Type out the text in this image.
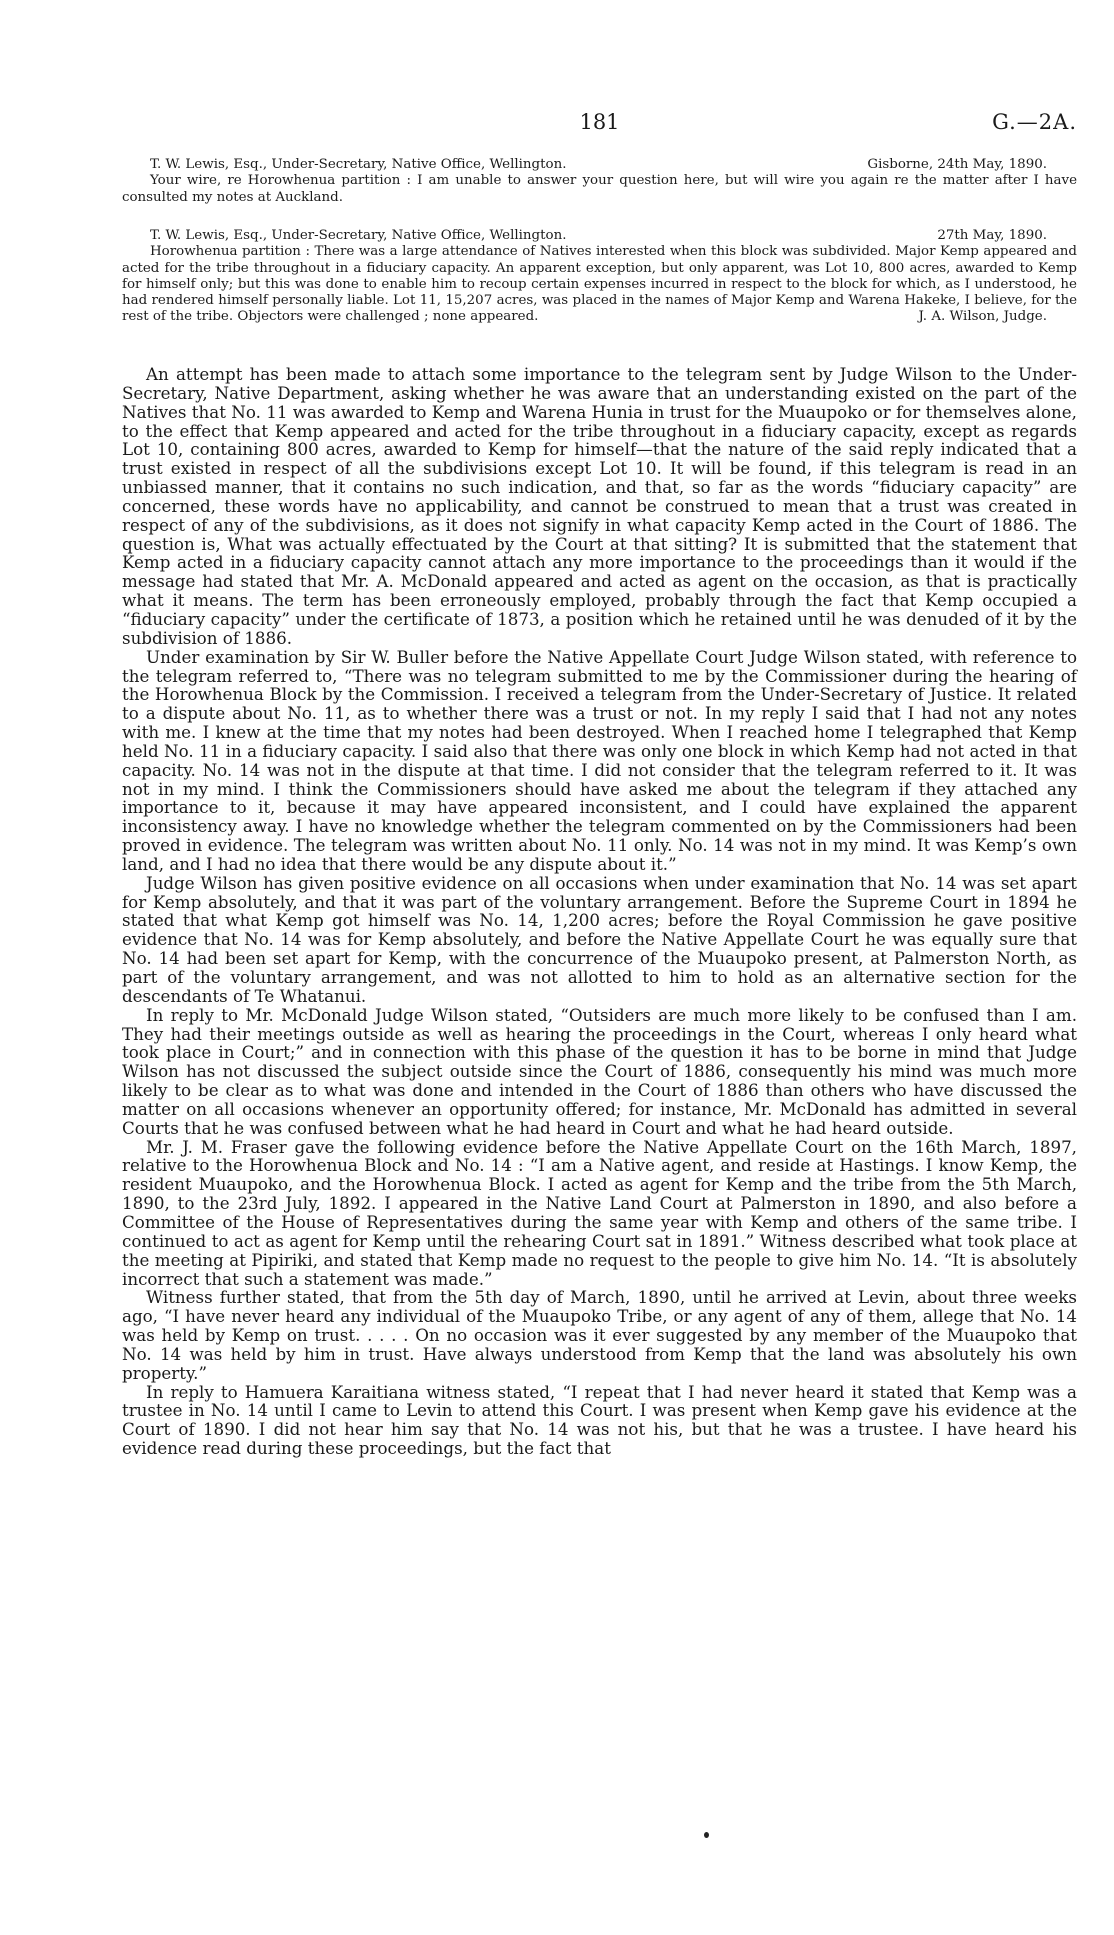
181	G.—2A.
T. W. Lewis, Esq., Under-Secretary, Native Office, Wellington.	Gisborne, 24th May, 1890.

Your wire, re Horowhenua partition : I am unable to answer your question here, but will wire you again re the matter after I have consulted my notes at Auckland.

T. W. Lewis, Esq., Under-Secretary, Native Office, Wellington.	27th May, 1890.

Horowhenua partition : There was a large attendance of Natives interested when this block was subdivided. Major Kemp appeared and acted for the tribe throughout in a fiduciary capacity. An apparent exception, but only apparent, was Lot 10, 800 acres, awarded to Kemp for himself only; but this was done to enable him to recoup certain expenses incurred in respect to the block for which, as I understood, he had rendered himself personally liable. Lot 11, 15,207 acres, was placed in the names of Major Kemp and Warena Hakeke, I believe, for the rest of the tribe. Objectors were challenged ; none appeared.	J. A. Wilson, Judge.

An attempt has been made to attach some importance to the telegram sent by Judge Wilson to the Under-Secretary, Native Department, asking whether he was aware that an understanding existed on the part of the Natives that No. 11 was awarded to Kemp and Warena Hunia in trust for the Muaupoko or for themselves alone, to the effect that Kemp appeared and acted for the tribe throughout in a fiduciary capacity, except as regards Lot 10, containing 800 acres, awarded to Kemp for himself—that the nature of the said reply indicated that a trust existed in respect of all the subdivisions except Lot 10. It will be found, if this telegram is read in an unbiassed manner, that it contains no such indication, and that, so far as the words “fiduciary capacity” are concerned, these words have no applicability, and cannot be construed to mean that a trust was created in respect of any of the subdivisions, as it does not signify in what capacity Kemp acted in the Court of 1886. The question is, What was actually effectuated by the Court at that sitting? It is submitted that the statement that Kemp acted in a fiduciary capacity cannot attach any more importance to the proceedings than it would if the message had stated that Mr. A. McDonald appeared and acted as agent on the occasion, as that is practically what it means. The term has been erroneously employed, probably through the fact that Kemp occupied a “fiduciary capacity” under the certificate of 1873, a position which he retained until he was denuded of it by the subdivision of 1886.

Under examination by Sir W. Buller before the Native Appellate Court Judge Wilson stated, with reference to the telegram referred to, “There was no telegram submitted to me by the Commissioner during the hearing of the Horowhenua Block by the Commission. I received a telegram from the Under-Secretary of Justice. It related to a dispute about No. 11, as to whether there was a trust or not. In my reply I said that I had not any notes with me. I knew at the time that my notes had been destroyed. When I reached home I telegraphed that Kemp held No. 11 in a fiduciary capacity. I said also that there was only one block in which Kemp had not acted in that capacity. No. 14 was not in the dispute at that time. I did not consider that the telegram referred to it. It was not in my mind. I think the Commissioners should have asked me about the telegram if they attached any importance to it, because it may have appeared inconsistent, and I could have explained the apparent inconsistency away. I have no knowledge whether the telegram commented on by the Commissioners had been proved in evidence. The telegram was written about No. 11 only. No. 14 was not in my mind. It was Kemp’s own land, and I had no idea that there would be any dispute about it.”

Judge Wilson has given positive evidence on all occasions when under examination that No. 14 was set apart for Kemp absolutely, and that it was part of the voluntary arrangement. Before the Supreme Court in 1894 he stated that what Kemp got himself was No. 14, 1,200 acres; before the Royal Commission he gave positive evidence that No. 14 was for Kemp absolutely, and before the Native Appellate Court he was equally sure that No. 14 had been set apart for Kemp, with the concurrence of the Muaupoko present, at Palmerston North, as part of the voluntary arrangement, and was not allotted to him to hold as an alternative section for the descendants of Te Whatanui.

In reply to Mr. McDonald Judge Wilson stated, “Outsiders are much more likely to be confused than I am. They had their meetings outside as well as hearing the proceedings in the Court, whereas I only heard what took place in Court;” and in connection with this phase of the question it has to be borne in mind that Judge Wilson has not discussed the subject outside since the Court of 1886, consequently his mind was much more likely to be clear as to what was done and intended in the Court of 1886 than others who have discussed the matter on all occasions whenever an opportunity offered; for instance, Mr. McDonald has admitted in several Courts that he was confused between what he had heard in Court and what he had heard outside.

Mr. J. M. Fraser gave the following evidence before the Native Appellate Court on the 16th March, 1897, relative to the Horowhenua Block and No. 14 : “I am a Native agent, and reside at Hastings. I know Kemp, the resident Muaupoko, and the Horowhenua Block. I acted as agent for Kemp and the tribe from the 5th March, 1890, to the 23rd July, 1892. I appeared in the Native Land Court at Palmerston in 1890, and also before a Committee of the House of Representatives during the same year with Kemp and others of the same tribe. I continued to act as agent for Kemp until the rehearing Court sat in 1891.” Witness described what took place at the meeting at Pipiriki, and stated that Kemp made no request to the people to give him No. 14. “It is absolutely incorrect that such a statement was made.”

Witness further stated, that from the 5th day of March, 1890, until he arrived at Levin, about three weeks ago, “I have never heard any individual of the Muaupoko Tribe, or any agent of any of them, allege that No. 14 was held by Kemp on trust. . . . . On no occasion was it ever suggested by any member of the Muaupoko that No. 14 was held by him in trust. Have always understood from Kemp that the land was absolutely his own property.”

In reply to Hamuera Karaitiana witness stated, “I repeat that I had never heard it stated that Kemp was a trustee in No. 14 until I came to Levin to attend this Court. I was present when Kemp gave his evidence at the Court of 1890. I did not hear him say that No. 14 was not his, but that he was a trustee. I have heard his evidence read during these proceedings, but the fact that
